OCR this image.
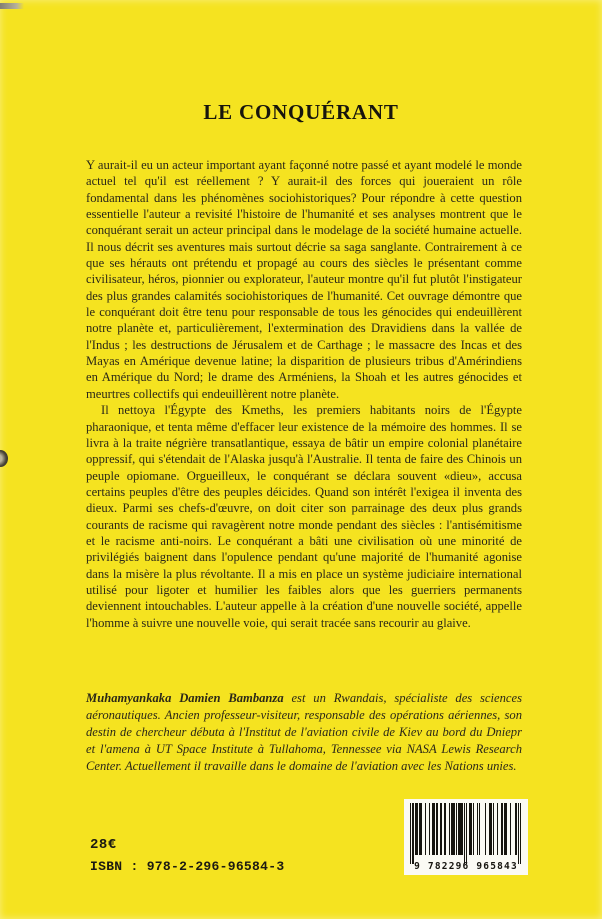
LE CONQUÉRANT

Y aurait-il eu un acteur important ayant façonné notre passé et ayant modelé le monde actuel tel qu'il est réellement ? Y aurait-il des forces qui joueraient un rôle fondamental dans les phénomènes sociohistoriques? Pour répondre à cette question essentielle l'auteur a revisité l'histoire de l'humanité et ses analyses montrent que le conquérant serait un acteur principal dans le modelage de la société humaine actuelle. Il nous décrit ses aventures mais surtout décrie sa saga sanglante. Contrairement à ce que ses hérauts ont prétendu et propagé au cours des siècles le présentant comme civilisateur, héros, pionnier ou explorateur, l'auteur montre qu'il fut plutôt l'instigateur des plus grandes calamités sociohistoriques de l'humanité. Cet ouvrage démontre que le conquérant doit être tenu pour responsable de tous les génocides qui endeuillèrent notre planète et, particulièrement, l'extermination des Dravidiens dans la vallée de l'Indus ; les destructions de Jérusalem et de Carthage ; le massacre des Incas et des Mayas en Amérique devenue latine; la disparition de plusieurs tribus d'Amérindiens en Amérique du Nord; le drame des Arméniens, la Shoah et les autres génocides et meurtres collectifs qui endeuillèrent notre planète.

Il nettoya l'Égypte des Kmeths, les premiers habitants noirs de l'Égypte pharaonique, et tenta même d'effacer leur existence de la mémoire des hommes. Il se livra à la traite négrière transatlantique, essaya de bâtir un empire colonial planétaire oppressif, qui s'étendait de l'Alaska jusqu'à l'Australie. Il tenta de faire des Chinois un peuple opiomane. Orgueilleux, le conquérant se déclara souvent «dieu», accusa certains peuples d'être des peuples déicides. Quand son intérêt l'exigea il inventa des dieux. Parmi ses chefs-d'œuvre, on doit citer son parrainage des deux plus grands courants de racisme qui ravagèrent notre monde pendant des siècles : l'antisémitisme et le racisme anti-noirs. Le conquérant a bâti une civilisation où une minorité de privilégiés baignent dans l'opulence pendant qu'une majorité de l'humanité agonise dans la misère la plus révoltante. Il a mis en place un système judiciaire international utilisé pour ligoter et humilier les faibles alors que les guerriers permanents deviennent intouchables. L'auteur appelle à la création d'une nouvelle société, appelle l'homme à suivre une nouvelle voie, qui serait tracée sans recourir au glaive.

Muhamyankaka Damien Bambanza est un Rwandais, spécialiste des sciences aéronautiques. Ancien professeur-visiteur, responsable des opérations aériennes, son destin de chercheur débuta à l'Institut de l'aviation civile de Kiev au bord du Dniepr et l'amena à UT Space Institute à Tullahoma, Tennessee via NASA Lewis Research Center. Actuellement il travaille dans le domaine de l'aviation avec les Nations unies.
28€
ISBN : 978-2-296-96584-3	9 782296 965843
